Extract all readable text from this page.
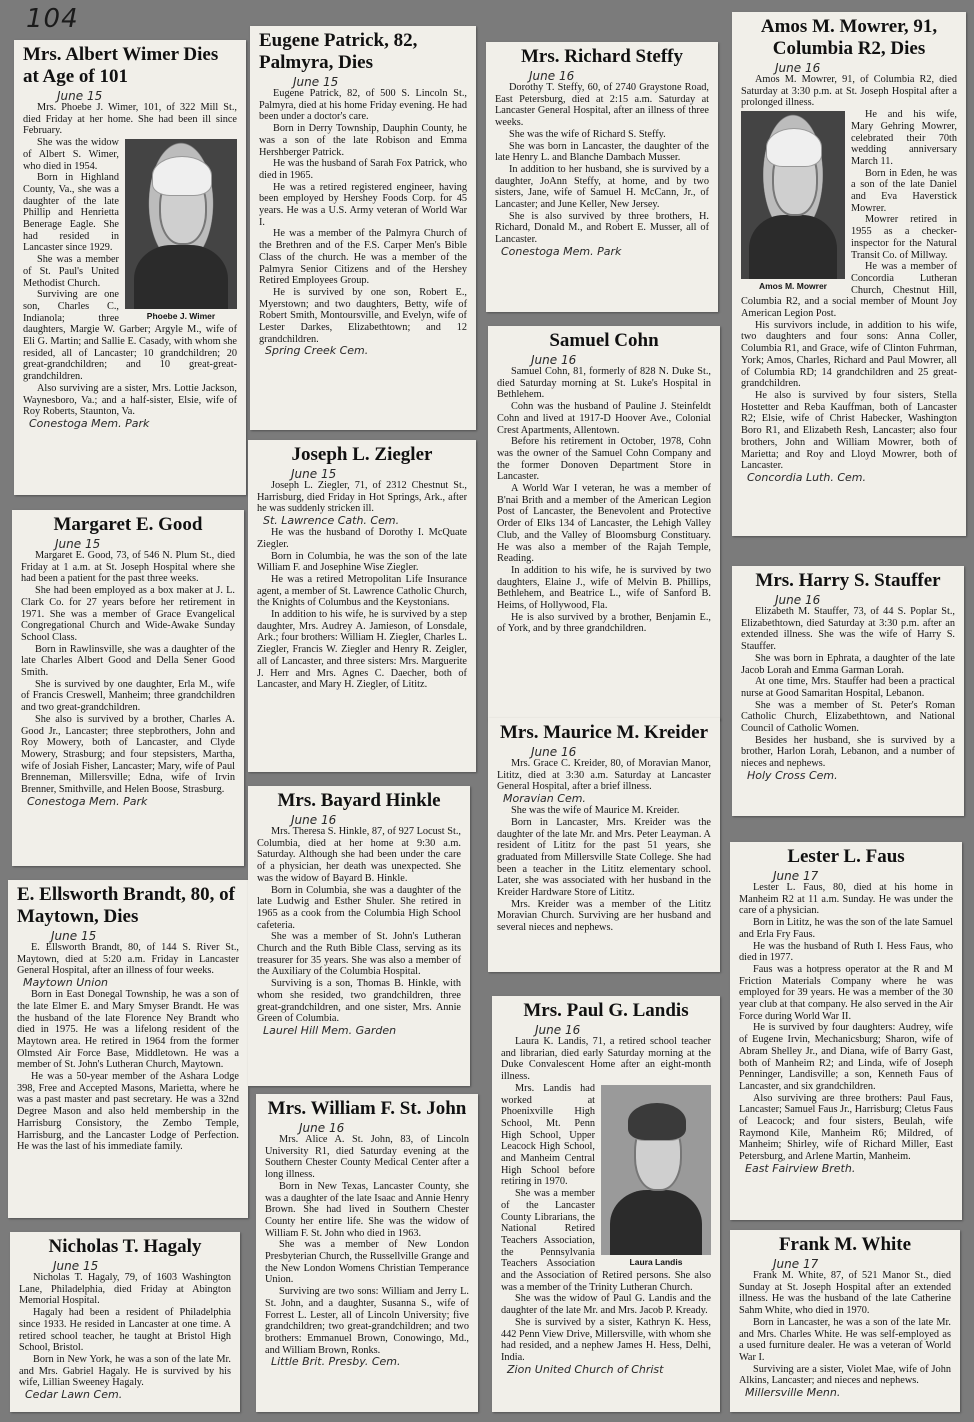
104
Mrs. Albert Wimer Dies at Age of 101
June 15

Mrs. Phoebe J. Wimer, 101, of 322 Mill St., died Friday at her home. She had been ill since February.

Phoebe J. Wimer

She was the widow of Albert S. Wimer, who died in 1954.

Born in Highland County, Va., she was a daughter of the late Phillip and Henrietta Benerage Eagle. She had resided in Lancaster since 1929.

She was a member of St. Paul's United Methodist Church.

Surviving are one son, Charles C., Indianola; three daughters, Margie W. Garber; Argyle M., wife of Eli G. Martin; and Sallie E. Casady, with whom she resided, all of Lancaster; 10 grandchildren; 20 great-grandchildren; and 10 great-great-grandchildren.

Also surviving are a sister, Mrs. Lottie Jackson, Waynesboro, Va.; and a half-sister, Elsie, wife of Roy Roberts, Staunton, Va.

Conestoga Mem. Park
Margaret E. Good
June 15

Margaret E. Good, 73, of 546 N. Plum St., died Friday at 1 a.m. at St. Joseph Hospital where she had been a patient for the past three weeks.

She had been employed as a box maker at J. L. Clark Co. for 27 years before her retirement in 1971. She was a member of Grace Evangelical Congregational Church and Wide-Awake Sunday School Class.

Born in Rawlinsville, she was a daughter of the late Charles Albert Good and Della Sener Good Smith.

She is survived by one daughter, Erla M., wife of Francis Creswell, Manheim; three grandchildren and two great-grandchildren.

She also is survived by a brother, Charles A. Good Jr., Lancaster; three stepbrothers, John and Roy Mowery, both of Lancaster, and Clyde Mowery, Strasburg; and four stepsisters, Martha, wife of Josiah Fisher, Lancaster; Mary, wife of Paul Brenneman, Millersville; Edna, wife of Irvin Brenner, Smithville, and Helen Boose, Strasburg.

Conestoga Mem. Park
E. Ellsworth Brandt, 80, of Maytown, Dies
June 15

E. Ellsworth Brandt, 80, of 144 S. River St., Maytown, died at 5:20 a.m. Friday in Lancaster General Hospital, after an illness of four weeks.

Maytown Union

Born in East Donegal Township, he was a son of the late Elmer E. and Mary Smyser Brandt. He was the husband of the late Florence Ney Brandt who died in 1975. He was a lifelong resident of the Maytown area. He retired in 1964 from the former Olmsted Air Force Base, Middletown. He was a member of St. John's Lutheran Church, Maytown.

He was a 50-year member of the Ashara Lodge 398, Free and Accepted Masons, Marietta, where he was a past master and past secretary. He was a 32nd Degree Mason and also held membership in the Harrisburg Consistory, the Zembo Temple, Harrisburg, and the Lancaster Lodge of Perfection. He was the last of his immediate family.

Nicholas T. Hagaly
June 15

Nicholas T. Hagaly, 79, of 1603 Washington Lane, Philadelphia, died Friday at Abington Memorial Hospital.

Hagaly had been a resident of Philadelphia since 1933. He resided in Lancaster at one time. A retired school teacher, he taught at Bristol High School, Bristol.

Born in New York, he was a son of the late Mr. and Mrs. Gabriel Hagaly. He is survived by his wife, Lillian Sweeney Hagaly.

Cedar Lawn Cem.
Eugene Patrick, 82, Palmyra, Dies
June 15

Eugene Patrick, 82, of 500 S. Lincoln St., Palmyra, died at his home Friday evening. He had been under a doctor's care.

Born in Derry Township, Dauphin County, he was a son of the late Robison and Emma Hershberger Patrick.

He was the husband of Sarah Fox Patrick, who died in 1965.

He was a retired registered engineer, having been employed by Hershey Foods Corp. for 45 years. He was a U.S. Army veteran of World War I.

He was a member of the Palmyra Church of the Brethren and of the F.S. Carper Men's Bible Class of the church. He was a member of the Palmyra Senior Citizens and of the Hershey Retired Employees Group.

He is survived by one son, Robert E., Myerstown; and two daughters, Betty, wife of Robert Smith, Montoursville, and Evelyn, wife of Lester Darkes, Elizabethtown; and 12 grandchildren.

Spring Creek Cem.
Joseph L. Ziegler
June 15

Joseph L. Ziegler, 71, of 2312 Chestnut St., Harrisburg, died Friday in Hot Springs, Ark., after he was suddenly stricken ill.

St. Lawrence Cath. Cem.

He was the husband of Dorothy I. McQuate Ziegler.

Born in Columbia, he was the son of the late William F. and Josephine Wise Ziegler.

He was a retired Metropolitan Life Insurance agent, a member of St. Lawrence Catholic Church, the Knights of Columbus and the Keystonians.

In addition to his wife, he is survived by a step daughter, Mrs. Audrey A. Jamieson, of Lonsdale, Ark.; four brothers: William H. Ziegler, Charles L. Ziegler, Francis W. Ziegler and Henry R. Zeigler, all of Lancaster, and three sisters: Mrs. Marguerite J. Herr and Mrs. Agnes C. Daecher, both of Lancaster, and Mary H. Ziegler, of Lititz.

Mrs. Bayard Hinkle
June 16

Mrs. Theresa S. Hinkle, 87, of 927 Locust St., Columbia, died at her home at 9:30 a.m. Saturday. Although she had been under the care of a physician, her death was unexpected. She was the widow of Bayard B. Hinkle.

Born in Columbia, she was a daughter of the late Ludwig and Esther Shuler. She retired in 1965 as a cook from the Columbia High School cafeteria.

She was a member of St. John's Lutheran Church and the Ruth Bible Class, serving as its treasurer for 35 years. She was also a member of the Auxiliary of the Columbia Hospital.

Surviving is a son, Thomas B. Hinkle, with whom she resided, two grandchildren, three great-grandchildren, and one sister, Mrs. Annie Green of Columbia.

Laurel Hill Mem. Garden
Mrs. William F. St. John
June 16

Mrs. Alice A. St. John, 83, of Lincoln University R1, died Saturday evening at the Southern Chester County Medical Center after a long illness.

Born in New Texas, Lancaster County, she was a daughter of the late Isaac and Annie Henry Brown. She had lived in Southern Chester County her entire life. She was the widow of William F. St. John who died in 1963.

She was a member of New London Presbyterian Church, the Russellville Grange and the New London Womens Christian Temperance Union.

Surviving are two sons: William and Jerry L. St. John, and a daughter, Susanna S., wife of Forrest L. Lester, all of Lincoln University; five grandchildren; two great-grandchildren; and two brothers: Emmanuel Brown, Conowingo, Md., and William Brown, Ronks.

Little Brit. Presby. Cem.
Mrs. Richard Steffy
June 16

Dorothy T. Steffy, 60, of 2740 Graystone Road, East Petersburg, died at 2:15 a.m. Saturday at Lancaster General Hospital, after an illness of three weeks.

She was the wife of Richard S. Steffy.

She was born in Lancaster, the daughter of the late Henry L. and Blanche Dambach Musser.

In addition to her husband, she is survived by a daughter, JoAnn Steffy, at home, and by two sisters, Jane, wife of Samuel H. McCann, Jr., of Lancaster; and June Keller, New Jersey.

She is also survived by three brothers, H. Richard, Donald M., and Robert E. Musser, all of Lancaster.

Conestoga Mem. Park
Samuel Cohn
June 16

Samuel Cohn, 81, formerly of 828 N. Duke St., died Saturday morning at St. Luke's Hospital in Bethlehem.

Cohn was the husband of Pauline J. Steinfeldt Cohn and lived at 1917-D Hoover Ave., Colonial Crest Apartments, Allentown.

Before his retirement in October, 1978, Cohn was the owner of the Samuel Cohn Company and the former Donoven Department Store in Lancaster.

A World War I veteran, he was a member of B'nai Brith and a member of the American Legion Post of Lancaster, the Benevolent and Protective Order of Elks 134 of Lancaster, the Lehigh Valley Club, and the Valley of Bloomsburg Constituary. He was also a member of the Rajah Temple, Reading.

In addition to his wife, he is survived by two daughters, Elaine J., wife of Melvin B. Phillips, Bethlehem, and Beatrice L., wife of Sanford B. Heims, of Hollywood, Fla.

He is also survived by a brother, Benjamin E., of York, and by three grandchildren.

Mrs. Maurice M. Kreider
June 16

Mrs. Grace C. Kreider, 80, of Moravian Manor, Lititz, died at 3:30 a.m. Saturday at Lancaster General Hospital, after a brief illness.

Moravian Cem.

She was the wife of Maurice M. Kreider.

Born in Lancaster, Mrs. Kreider was the daughter of the late Mr. and Mrs. Peter Leayman. A resident of Lititz for the past 51 years, she graduated from Millersville State College. She had been a teacher in the Lititz elementary school. Later, she was associated with her husband in the Kreider Hardware Store of Lititz.

Mrs. Kreider was a member of the Lititz Moravian Church. Surviving are her husband and several nieces and nephews.

Mrs. Paul G. Landis
June 16

Laura K. Landis, 71, a retired school teacher and librarian, died early Saturday morning at the Duke Convalescent Home after an eight-month illness.

Laura Landis

Mrs. Landis had worked at Phoenixville High School, Mt. Penn High School, Upper Leacock High School, and Manheim Central High School before retiring in 1970.

She was a member of the Lancaster County Librarians, the National Retired Teachers Association, the Pennsylvania Teachers Association and the Association of Retired persons. She also was a member of the Trinity Lutheran Church.

She was the widow of Paul G. Landis and the daughter of the late Mr. and Mrs. Jacob P. Kready.

She is survived by a sister, Kathryn K. Hess, 442 Penn View Drive, Millersville, with whom she had resided, and a nephew James H. Hess, Delhi, India.

Zion United Church of Christ
Amos M. Mowrer, 91, Columbia R2, Dies
June 16

Amos M. Mowrer, 91, of Columbia R2, died Saturday at 3:30 p.m. at St. Joseph Hospital after a prolonged illness.

Amos M. Mowrer

He and his wife, Mary Gehring Mowrer, celebrated their 70th wedding anniversary March 11.

Born in Eden, he was a son of the late Daniel and Eva Haverstick Mowrer.

Mowrer retired in 1955 as a checker-inspector for the Natural Transit Co. of Millway.

He was a member of Concordia Lutheran Church, Chestnut Hill, Columbia R2, and a social member of Mount Joy American Legion Post.

His survivors include, in addition to his wife, two daughters and four sons: Anna Coller, Columbia R1, and Grace, wife of Clinton Fuhrman, York; Amos, Charles, Richard and Paul Mowrer, all of Columbia RD; 14 grandchildren and 25 great-grandchildren.

He also is survived by four sisters, Stella Hostetter and Reba Kauffman, both of Lancaster R2; Elsie, wife of Christ Habecker, Washington Boro R1, and Elizabeth Resh, Lancaster; also four brothers, John and William Mowrer, both of Marietta; and Roy and Lloyd Mowrer, both of Lancaster.

Concordia Luth. Cem.
Mrs. Harry S. Stauffer
June 16

Elizabeth M. Stauffer, 73, of 44 S. Poplar St., Elizabethtown, died Saturday at 3:30 p.m. after an extended illness. She was the wife of Harry S. Stauffer.

She was born in Ephrata, a daughter of the late Jacob Lorah and Emma Garman Lorah.

At one time, Mrs. Stauffer had been a practical nurse at Good Samaritan Hospital, Lebanon.

She was a member of St. Peter's Roman Catholic Church, Elizabethtown, and National Council of Catholic Women.

Besides her husband, she is survived by a brother, Harlon Lorah, Lebanon, and a number of nieces and nephews.

Holy Cross Cem.
Lester L. Faus
June 17

Lester L. Faus, 80, died at his home in Manheim R2 at 11 a.m. Sunday. He was under the care of a physician.

Born in Lititz, he was the son of the late Samuel and Erla Fry Faus.

He was the husband of Ruth I. Hess Faus, who died in 1977.

Faus was a hotpress operator at the R and M Friction Materials Company where he was employed for 39 years. He was a member of the 30 year club at that company. He also served in the Air Force during World War II.

He is survived by four daughters: Audrey, wife of Eugene Irvin, Mechanicsburg; Sharon, wife of Abram Shelley Jr., and Diana, wife of Barry Gast, both of Manheim R2; and Linda, wife of Joseph Penninger, Landisville; a son, Kenneth Faus of Lancaster, and six grandchildren.

Also surviving are three brothers: Paul Faus, Lancaster; Samuel Faus Jr., Harrisburg; Cletus Faus of Leacock; and four sisters, Beulah, wife Raymond Kile, Manheim R6; Mildred, of Manheim; Shirley, wife of Richard Miller, East Petersburg, and Arlene Martin, Manheim.

East Fairview Breth.
Frank M. White
June 17

Frank M. White, 87, of 521 Manor St., died Sunday at St. Joseph Hospital after an extended illness. He was the husband of the late Catherine Sahm White, who died in 1970.

Born in Lancaster, he was a son of the late Mr. and Mrs. Charles White. He was self-employed as a used furniture dealer. He was a veteran of World War I.

Surviving are a sister, Violet Mae, wife of John Alkins, Lancaster; and nieces and nephews.

Millersville Menn.
